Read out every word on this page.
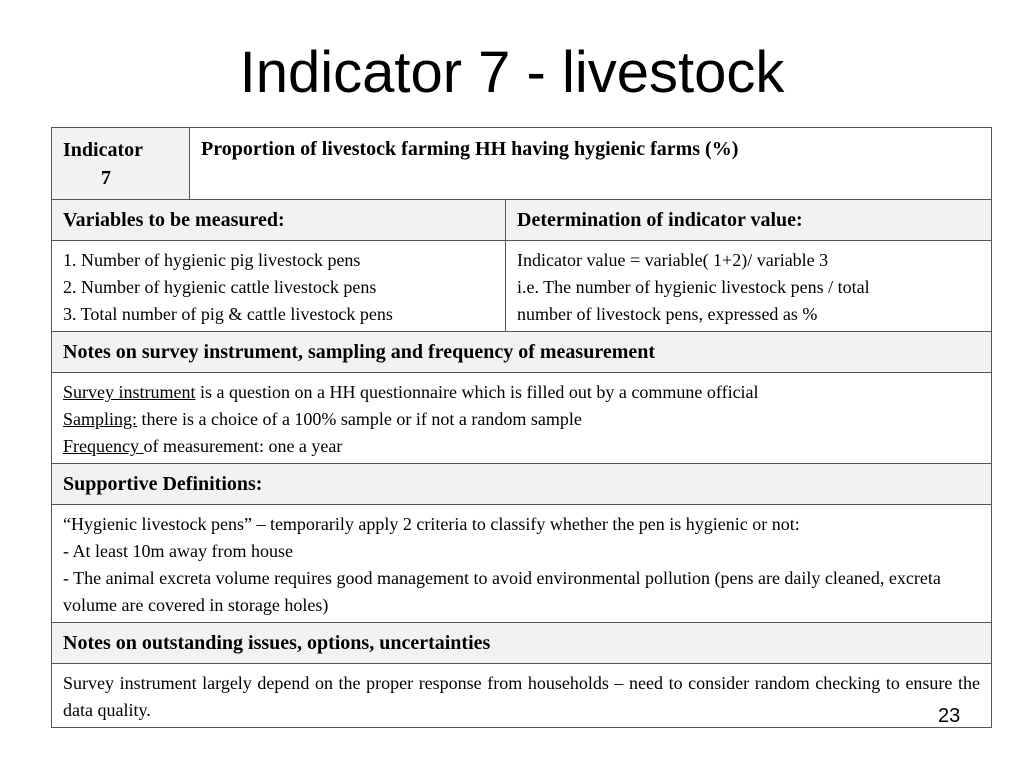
Indicator 7 - livestock
Indicator
7	Proportion of livestock farming HH having hygienic farms (%)	
Variables to be measured:		Determination of indicator value:

1. Number of hygienic pig livestock pens
2. Number of hygienic cattle livestock pens
3. Total number of pig & cattle livestock pens		Indicator value = variable( 1+2)/ variable 3
i.e. The number of hygienic livestock pens / total
number of livestock pens, expressed as %

Notes on survey instrument, sampling and frequency of measurement		

Survey instrument is a question on a HH questionnaire which is filled out by a commune official
Sampling: there is a choice of a 100% sample or if not a random sample
Frequency of measurement: one a year		

Supportive Definitions:		

“Hygienic livestock pens” – temporarily apply 2 criteria to classify whether the pen is hygienic or not:
- At least 10m away from house
- The animal excreta volume requires good management to avoid environmental pollution (pens are daily cleaned, excreta volume are covered in storage holes)		

Notes on outstanding issues, options, uncertainties		
Survey instrument largely depend on the proper response from households – need to consider random checking to ensure the data quality.			23
